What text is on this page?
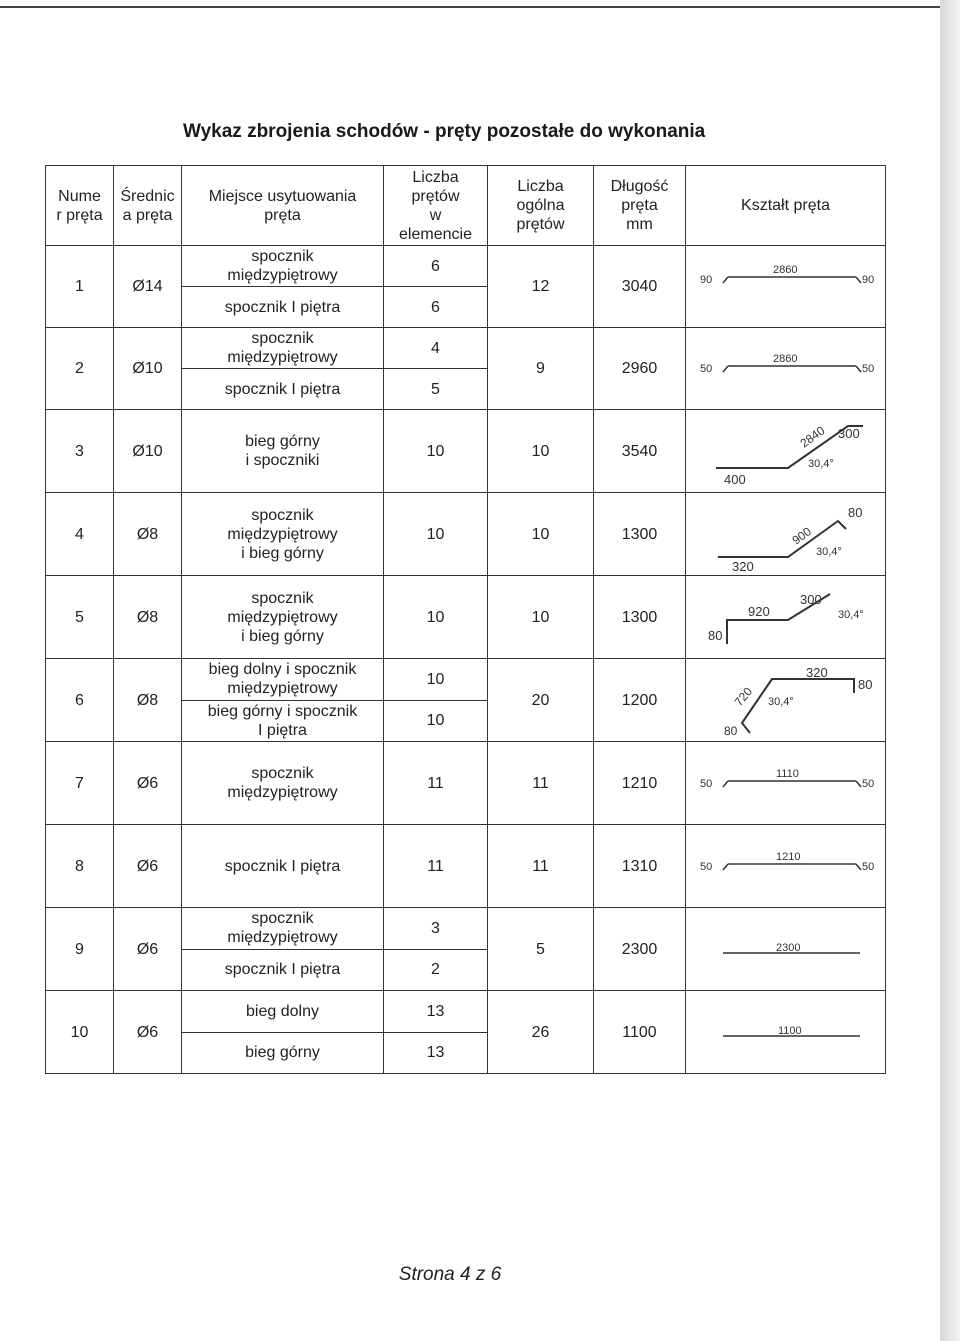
Wykaz zbrojenia schodów - pręty pozostałe do wykonania
Nume
r pręta	Średnic
a pręta	Miejsce usytuowania
pręta	Liczba
prętów
w
elemencie	Liczba
ogólna
prętów	Długość
pręta
mm	Kształt pręta
1	Ø14	spocznik
międzypiętrowy	6	12	3040	90
2860
90

		spocznik I piętra	6			
2	Ø10	spocznik
międzypiętrowy	4	9	2960	50
2860
50

		spocznik I piętra	5			
3	Ø10	bieg górny
i spoczniki	10	10	3540	400
2840 300
30,4°

4	Ø8	spocznik
międzypiętrowy
i bieg górny	10	10	1300	320
900
80
30,4°

5	Ø8	spocznik
międzypiętrowy
i bieg górny	10	10	1300	80
920
300
30,4°

6	Ø8	bieg dolny i spocznik
międzypiętrowy	10	20	1200	80
720
320
80
30,4°

		bieg górny i spocznik
I piętra	10			
7	Ø6	spocznik
międzypiętrowy	11	11	1210	50
1110
50

8	Ø6	spocznik I piętra	11	11	1310	50
1210
50

9	Ø6	spocznik
międzypiętrowy	3	5	2300	2300

		spocznik I piętra	2			
10	Ø6	bieg dolny	13	26	1100	1100

		bieg górny	13			
Strona 4 z 6
